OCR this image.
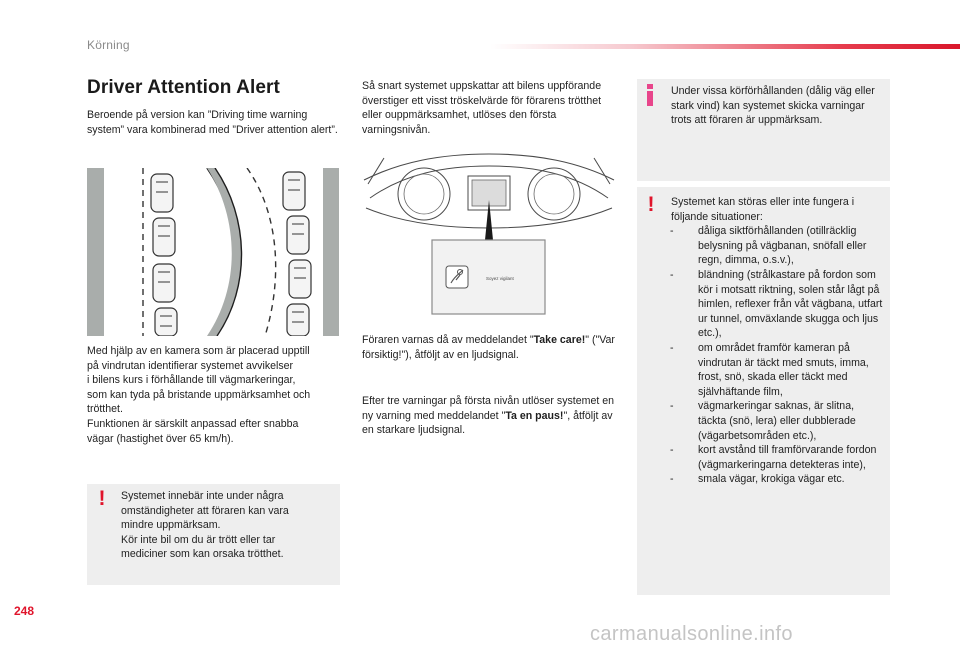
Körning
Driver Attention Alert
Beroende på version kan ”Driving time warning system” vara kombinerad med ”Driver attention alert”.
Med hjälp av en kamera som är placerad upptill
på vindrutan identifierar systemet avvikelser
i bilens kurs i förhållande till vägmarkeringar,
som kan tyda på bristande uppmärksamhet och
trötthet.
Funktionen är särskilt anpassad efter snabba
vägar (hastighet över 65 km/h).
! Systemet innebär inte under några
omständigheter att föraren kan vara
mindre uppmärksam.
Kör inte bil om du är trött eller tar
mediciner som kan orsaka trötthet.
Så snart systemet uppskattar att bilens uppförande överstiger ett visst tröskelvärde för förarens trötthet eller ouppmärksamhet, utlöses den första varningsnivån.
Soyez vigilant
Föraren varnas då av meddelandet "Take care!" ("Var försiktig!"), åtföljt av en ljudsignal.
Efter tre varningar på första nivån utlöser systemet en ny varning med meddelandet "Ta en paus!", åtföljt av en starkare ljudsignal.
Under vissa körförhållanden (dålig väg eller stark vind) kan systemet skicka varningar trots att föraren är uppmärksam.
! Systemet kan störas eller inte fungera i följande situationer:
- dåliga siktförhållanden (otillräcklig belysning på vägbanan, snöfall eller regn, dimma, o.s.v.),
- bländning (strålkastare på fordon som kör i motsatt riktning, solen står lågt på himlen, reflexer från våt vägbana, utfart ur tunnel, omväxlande skugga och ljus etc.),
- om området framför kameran på vindrutan är täckt med smuts, imma, frost, snö, skada eller täckt med självhäftande film,
- vägmarkeringar saknas, är slitna, täckta (snö, lera) eller dubblerade (vägarbetsområden etc.),
- kort avstånd till framförvarande fordon (vägmarkeringarna detekteras inte),
- smala vägar, krokiga vägar etc.
248
carmanualsonline.info
